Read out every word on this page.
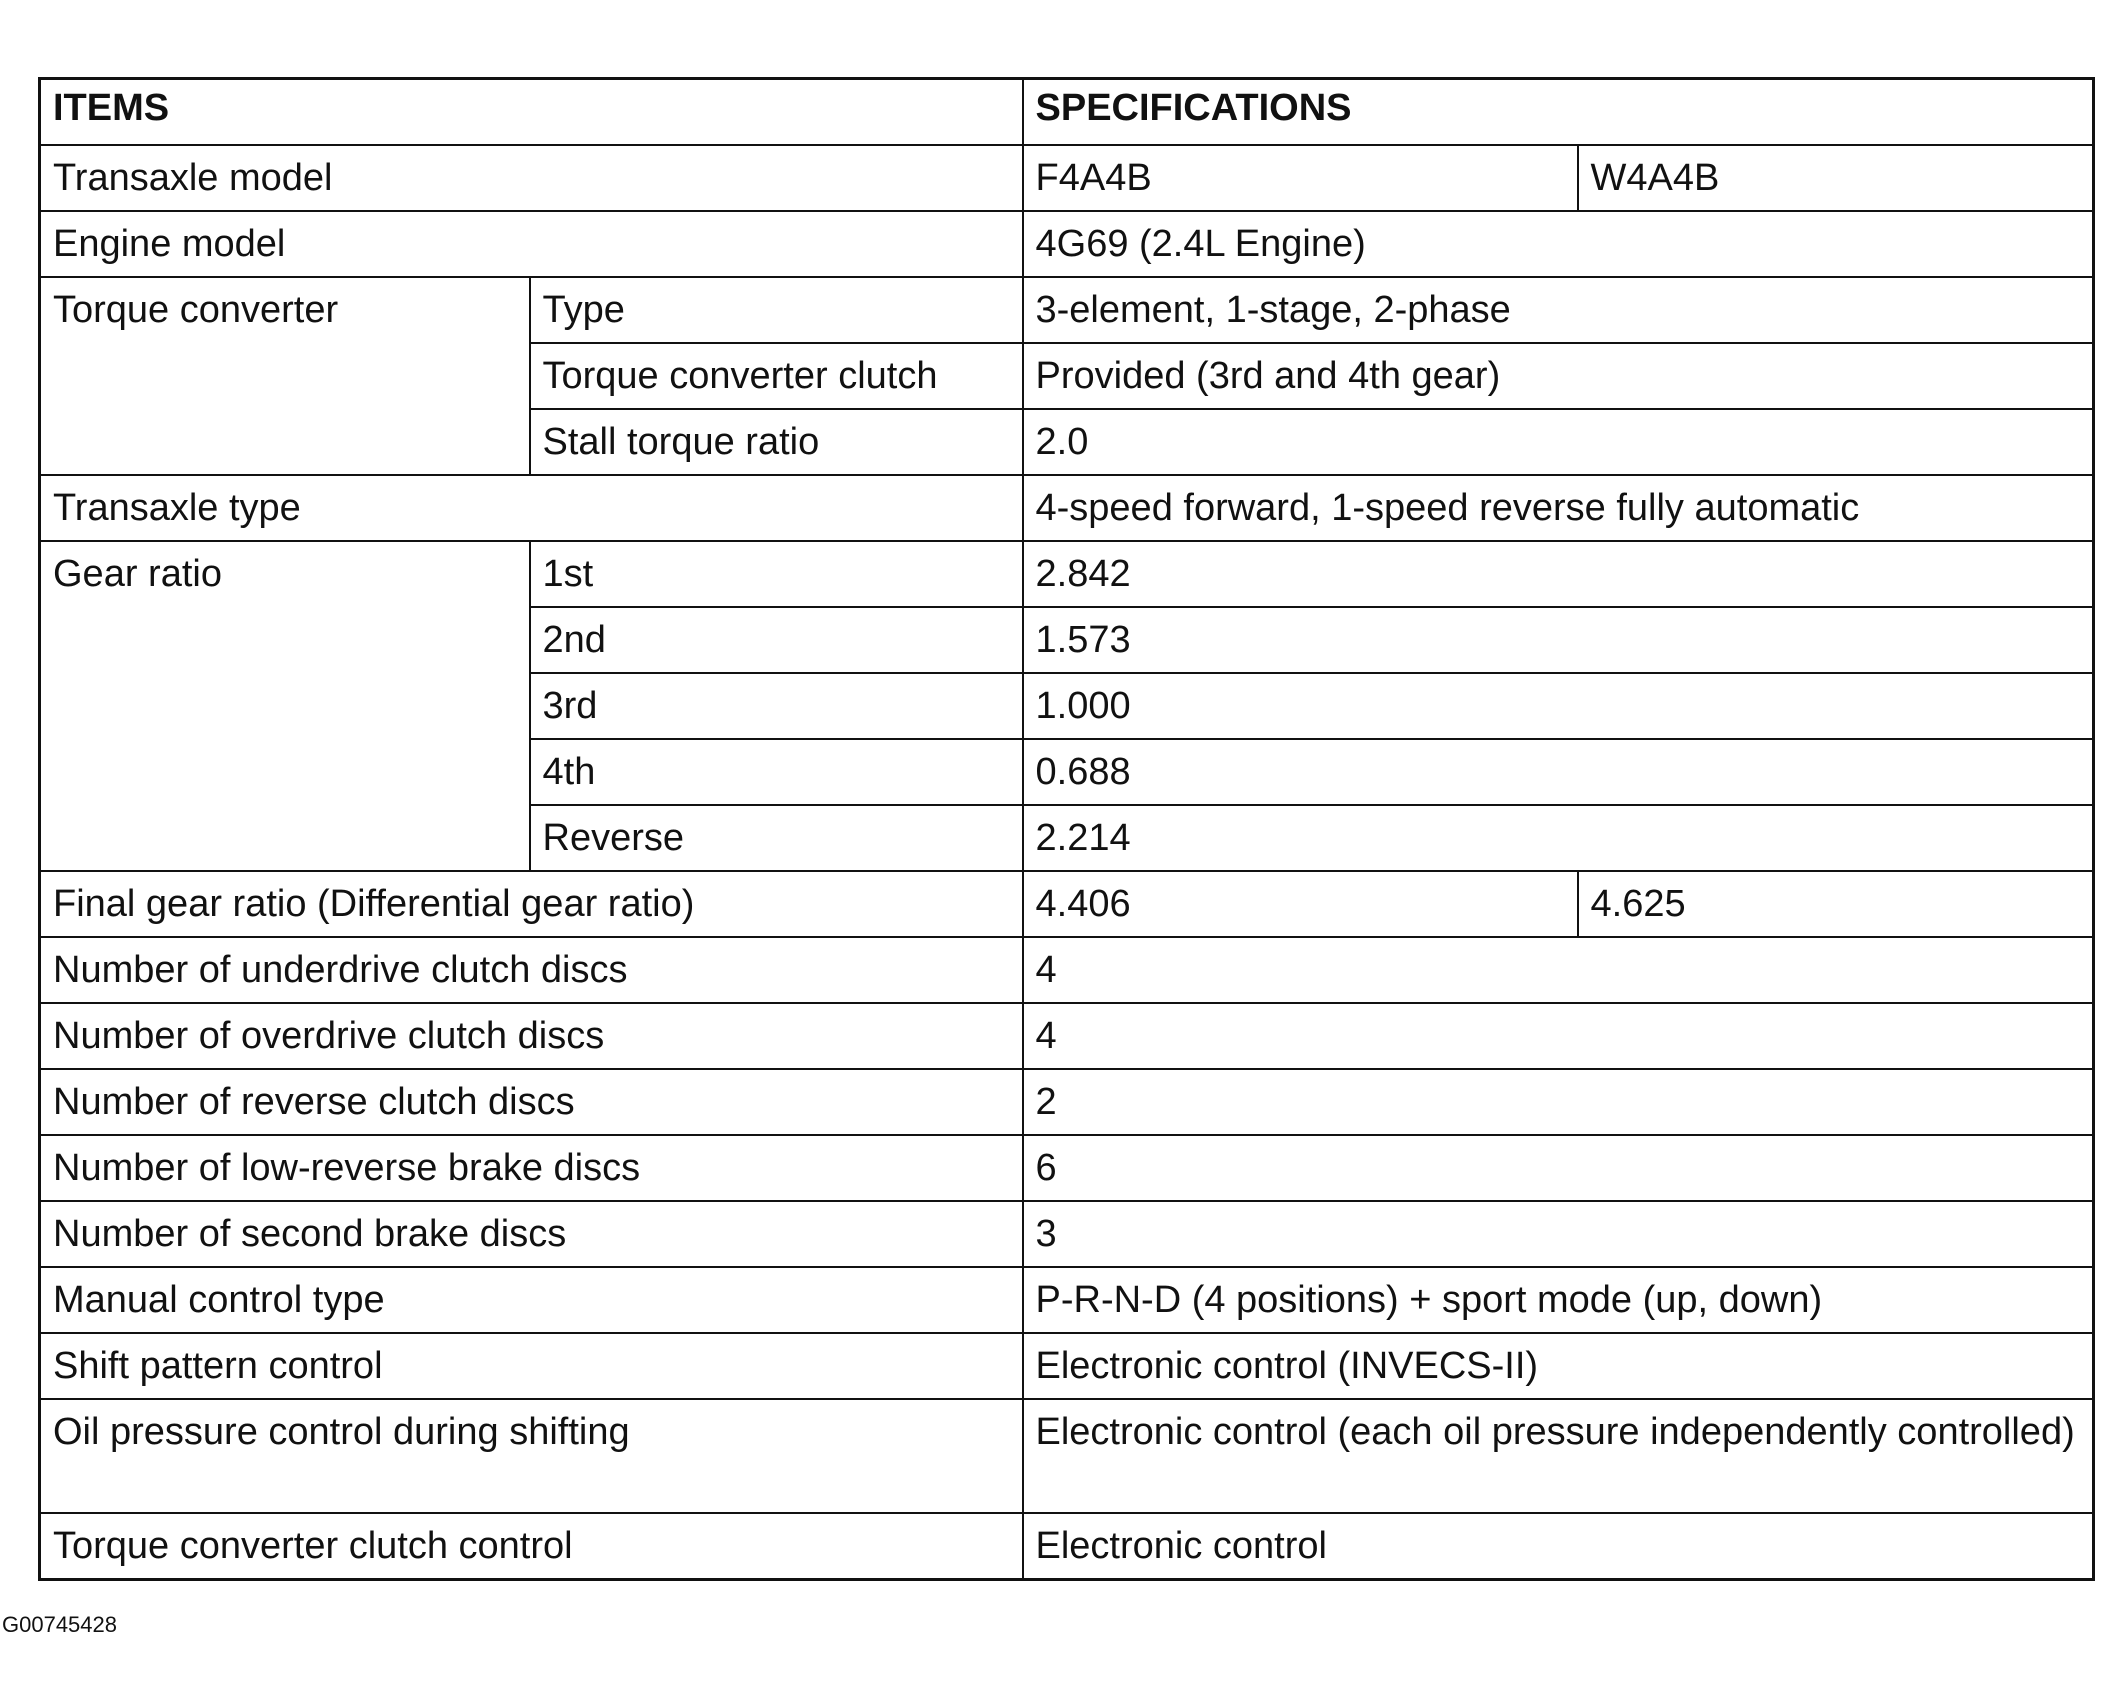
ITEMS		SPECIFICATIONS	
Transaxle model		F4A4B	W4A4B
Engine model		4G69 (2.4L Engine)	
Torque converter	Type	3-element, 1-stage, 2-phase	
	Torque converter clutch	Provided (3rd and 4th gear)	
	Stall torque ratio	2.0	
Transaxle type		4-speed forward, 1-speed reverse fully automatic	
Gear ratio	1st	2.842	
	2nd	1.573	
	3rd	1.000	
	4th	0.688	
	Reverse	2.214	
Final gear ratio (Differential gear ratio)		4.406	4.625
Number of underdrive clutch discs		4	
Number of overdrive clutch discs		4	
Number of reverse clutch discs		2	
Number of low-reverse brake discs		6	
Number of second brake discs		3	
Manual control type		P-R-N-D (4 positions) + sport mode (up, down)	
Shift pattern control		Electronic control (INVECS-II)	
Oil pressure control during shifting		Electronic control (each oil pressure independently controlled)	
Torque converter clutch control		Electronic control	
G00745428
